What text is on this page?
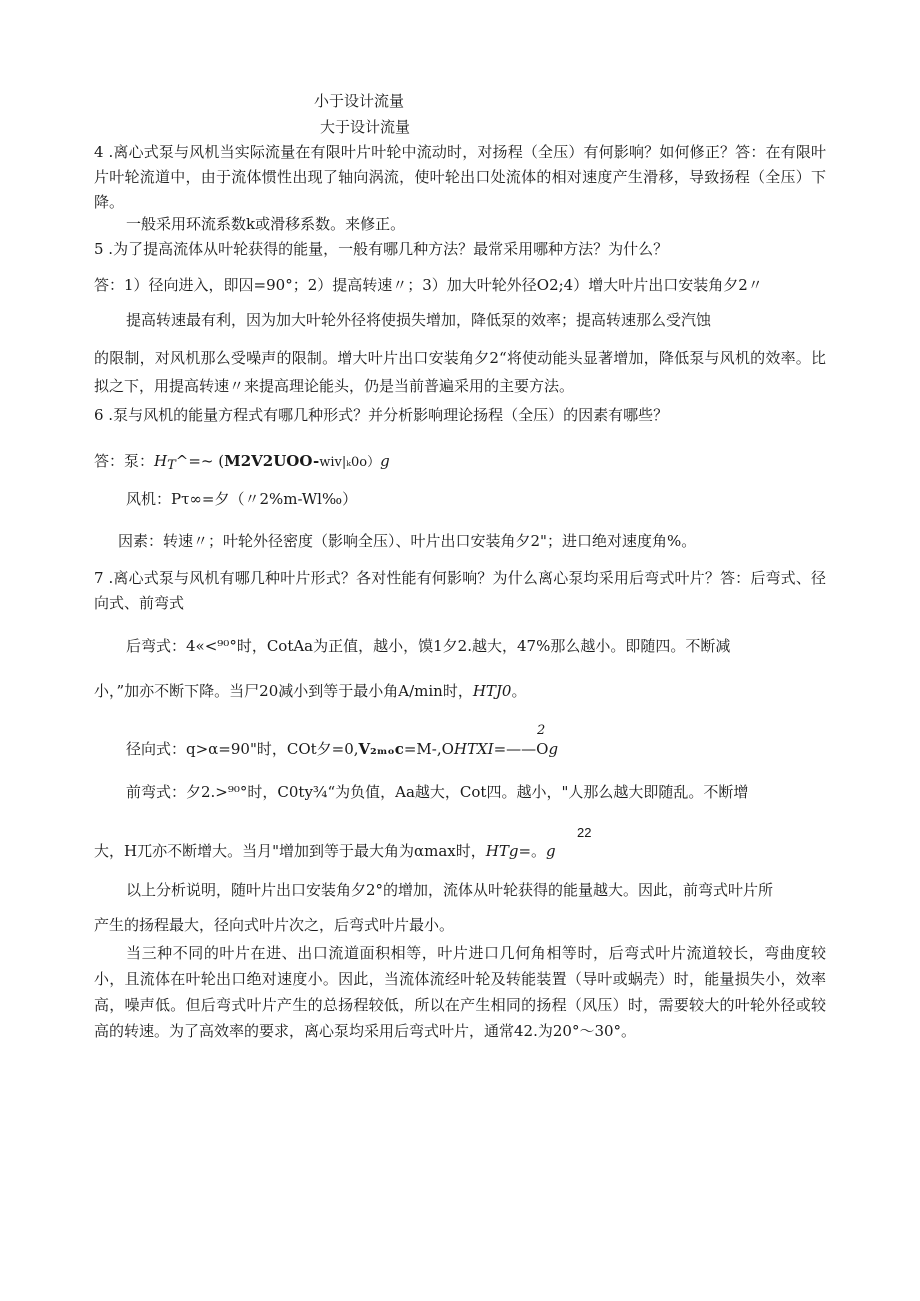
小于设计流量
大于设计流量
4 .离心式泵与风机当实际流量在有限叶片叶轮中流动时，对扬程（全压）有何影响？如何修正？答：在有限叶片叶轮流道中，由于流体惯性出现了轴向涡流，使叶轮出口处流体的相对速度产生滑移，导致扬程（全压）下降。
一般采用环流系数k或滑移系数。来修正。
5 .为了提高流体从叶轮获得的能量，一般有哪几种方法？最常采用哪种方法？为什么？
答：1）径向进入，即囚=90°；2）提高转速〃；3）加大叶轮外径O2;4）增大叶片出口安装角夕2〃
提高转速最有利，因为加大叶轮外径将使损失增加，降低泵的效率；提高转速那么受汽蚀
的限制，对风机那么受噪声的限制。增大叶片出口安装角夕2“将使动能头显著增加，降低泵与风机的效率。比拟之下，用提高转速〃来提高理论能头，仍是当前普遍采用的主要方法。
6 .泵与风机的能量方程式有哪几种形式？并分析影响理论扬程（全压）的因素有哪些？
答：泵：HT^=~ (M2V2UOO-wiv|ₖ0o）g
风机：Pτ∞=夕（〃2%m-Wl‰）
因素：转速〃；叶轮外径密度（影响全压）、叶片出口安装角夕2"；进口绝对速度角%。
7 .离心式泵与风机有哪几种叶片形式？各对性能有何影响？为什么离心泵均采用后弯式叶片？答：后弯式、径向式、前弯式
后弯式：4«<⁹⁰°时，CotAa为正值，越小，馍1夕2.越大，47%那么越小。即随四。不断减
小，”加亦不断下降。当尸20减小到等于最小角A/min时，HTJ0。
2
径向式：q>α=90"时，COt夕=0,V₂ₘₒc=M-,OHTXI=——Og
前弯式：夕2.>⁹⁰°时，C0ty¾“为负值，Aa越大，Cot四。越小，"人那么越大即随乱。不断增
22
大，H兀亦不断增大。当月"增加到等于最大角为αmax时，HTg=。g
以上分析说明，随叶片出口安装角夕2°的增加，流体从叶轮获得的能量越大。因此，前弯式叶片所
产生的扬程最大，径向式叶片次之，后弯式叶片最小。
当三种不同的叶片在进、出口流道面积相等，叶片进口几何角相等时，后弯式叶片流道较长，弯曲度较小，且流体在叶轮出口绝对速度小。因此，当流体流经叶轮及转能装置（导叶或蜗壳）时，能量损失小，效率高，噪声低。但后弯式叶片产生的总扬程较低，所以在产生相同的扬程（风压）时，需要较大的叶轮外径或较高的转速。为了高效率的要求，离心泵均采用后弯式叶片，通常42.为20°〜30°。
